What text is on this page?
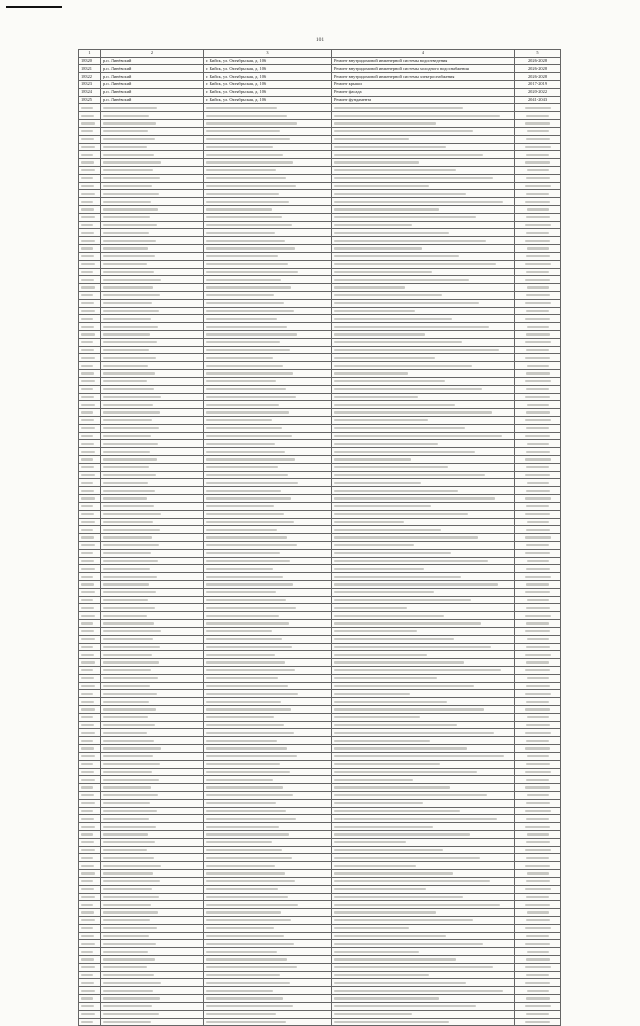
101
1	2	3	4	5
18320	р.п. Линёвский	г. Бийск, ул. Октябрьская, д. 106	Ремонт внутридомовой инженерной системы водоотведения	2026-2028
18321	р.п. Линёвский	г. Бийск, ул. Октябрьская, д. 106	Ремонт внутридомовой инженерной системы холодного водоснабжения	2026-2028
18322	р.п. Линёвский	г. Бийск, ул. Октябрьская, д. 106	Ремонт внутридомовой инженерной системы электроснабжения	2026-2028
18323	р.п. Линёвский	г. Бийск, ул. Октябрьская, д. 106	Ремонт крыши	2017-2019
18324	р.п. Линёвский	г. Бийск, ул. Октябрьская, д. 106	Ремонт фасада	2020-2022
18325	р.п. Линёвский	г. Бийск, ул. Октябрьская, д. 106	Ремонт фундамента	2041-2043
